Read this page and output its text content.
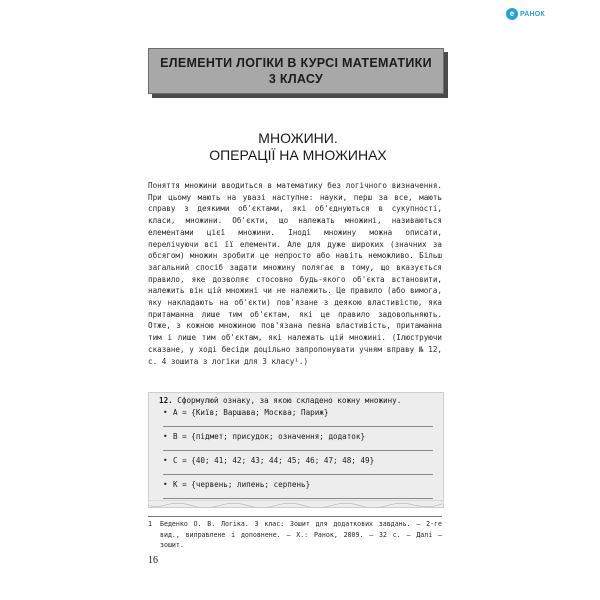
e РАНОК
ЕЛЕМЕНТИ ЛОГІКИ В КУРСІ МАТЕМАТИКИ
3 КЛАСУ
МНОЖИНИ.
ОПЕРАЦІЇ НА МНОЖИНАХ
Поняття множини вводиться в математику без логічного визначення. При цьому мають на увазі наступне: науки, перш за все, мають справу з деякими об'єктами, які об'єднуються в сукупності, класи, множини. Об'єкти, що належать множині, називаються елементами цієї множини. Іноді множину можна описати, перелічуючи всі її елементи. Але для дуже широких (значних за обсягом) множин зробити це непросто або навіть неможливо. Більш загальний спосіб задати множину полягає в тому, що вказується правило, яке дозволяє стосовно будь-якого об'єкта встановити, належить він цій множині чи не належить. Це правило (або вимога, яку накладають на об'єкти) пов'язане з деякою властивістю, яка притаманна лише тим об'єктам, які це правило задовольняють. Отже, з кожною множиною пов'язана певна властивість, притаманна тим і лише тим об'єктам, які належать цій множині. (Ілюструючи сказане, у ході бесіди доцільно запропонувати учням вправу № 12, с. 4 зошита з логіки для 3 класу¹.)
12. Сформулюй ознаку, за якою складено кожну множину.
• A = {Київ; Варшава; Москва; Париж}
• B = {підмет; присудок; означення; додаток}
• C = {40; 41; 42; 43; 44; 45; 46; 47; 48; 49}
• K = {червень; липень; серпень}
1 Беденко О. В. Логіка. 3 клас: Зошит для додаткових завдань. — 2-ге вид., виправлене і доповнене. — Х.: Ранок, 2009. — 32 с. — Далі — зошит.
16
